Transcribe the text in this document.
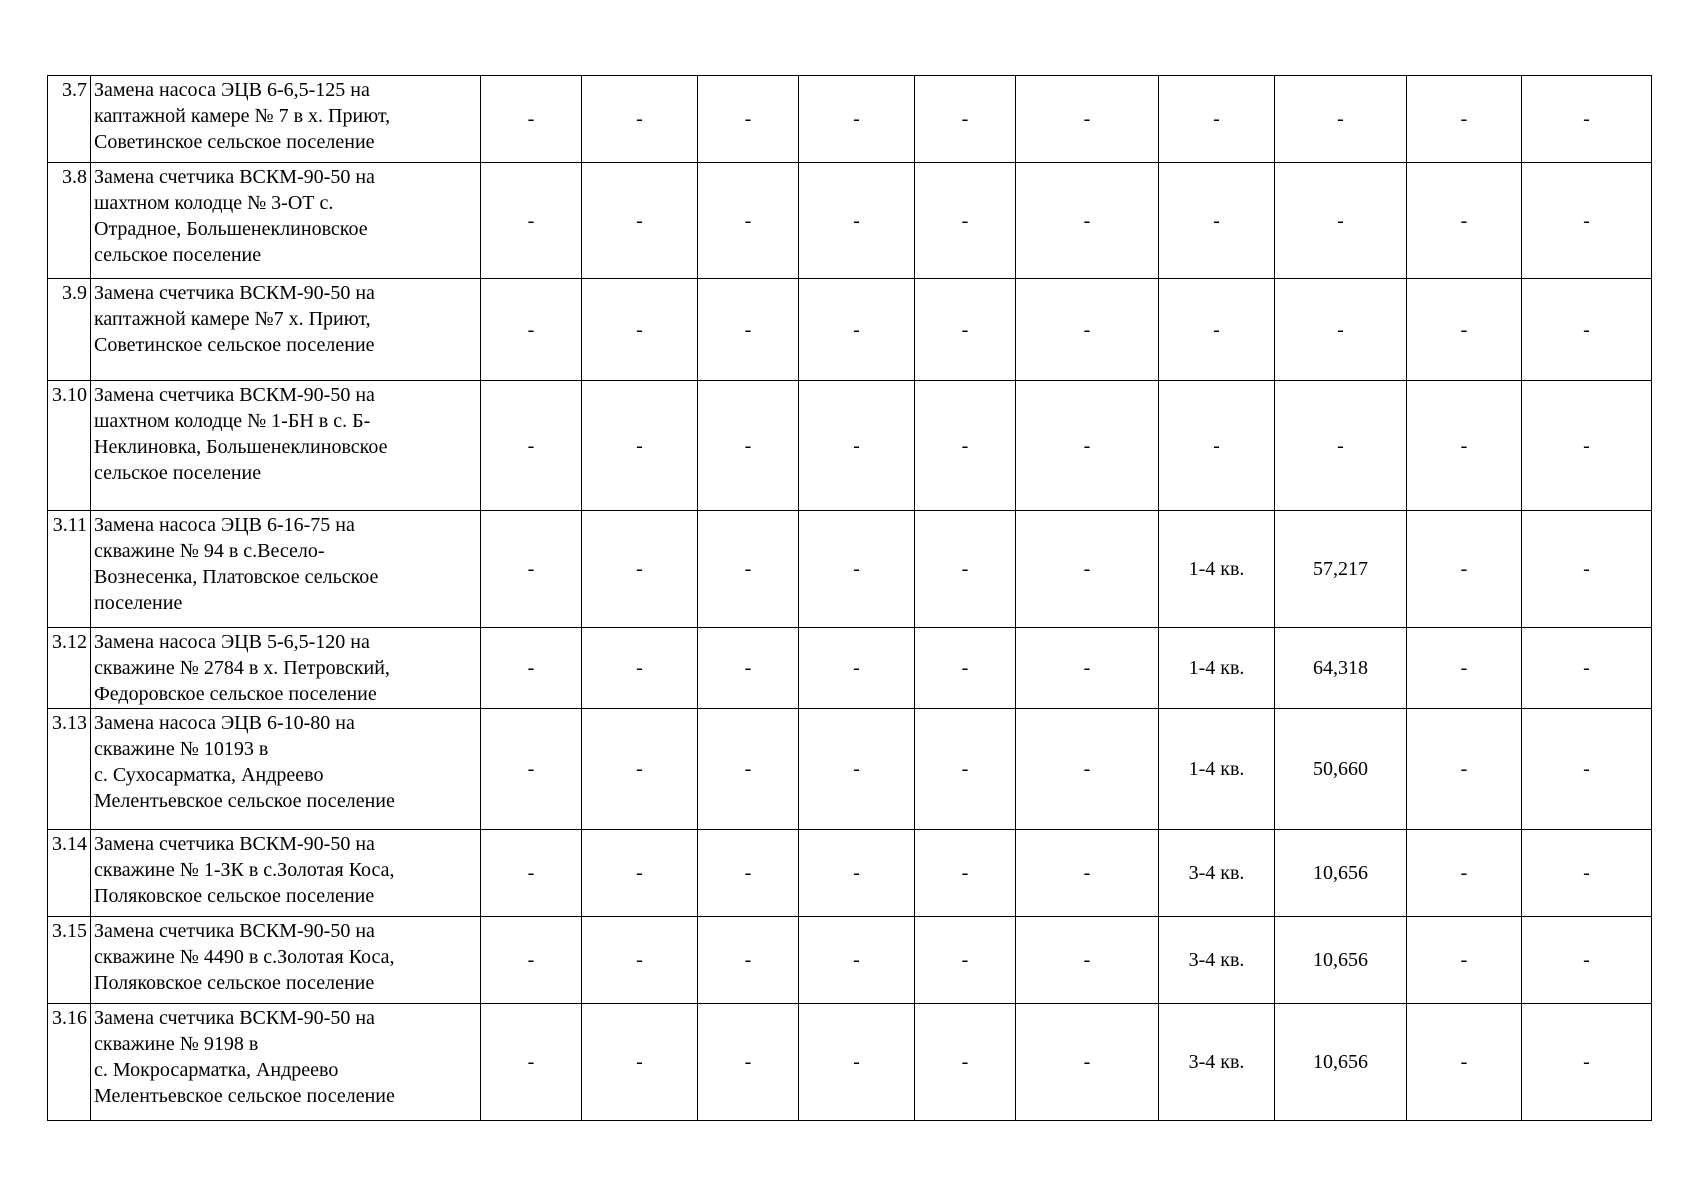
3.7	Замена насоса ЭЦВ 6-6,5-125 на
каптажной камере № 7 в х. Приют,
Советинское сельское поселение	-	-	-	-	-	-	-	-	-	-
3.8	Замена счетчика ВСКМ-90-50 на
шахтном колодце № 3-ОТ с.
Отрадное, Большенеклиновское
сельское поселение	-	-	-	-	-	-	-	-	-	-
3.9	Замена счетчика ВСКМ-90-50 на
каптажной камере №7 х. Приют,
Советинское сельское поселение	-	-	-	-	-	-	-	-	-	-
3.10	Замена счетчика ВСКМ-90-50 на
шахтном колодце № 1-БН в с. Б-
Неклиновка, Большенеклиновское
сельское поселение	-	-	-	-	-	-	-	-	-	-
3.11	Замена насоса ЭЦВ 6-16-75 на
скважине № 94 в с.Весело-
Вознесенка, Платовское сельское
поселение	-	-	-	-	-	-	1-4 кв.	57,217	-	-
3.12	Замена насоса ЭЦВ 5-6,5-120 на
скважине № 2784 в х. Петровский,
Федоровское сельское поселение	-	-	-	-	-	-	1-4 кв.	64,318	-	-
3.13	Замена насоса ЭЦВ 6-10-80 на
скважине № 10193 в
с. Сухосарматка, Андреево
Мелентьевское сельское поселение	-	-	-	-	-	-	1-4 кв.	50,660	-	-
3.14	Замена счетчика ВСКМ-90-50 на
скважине № 1-ЗК в с.Золотая Коса,
Поляковское сельское поселение	-	-	-	-	-	-	3-4 кв.	10,656	-	-
3.15	Замена счетчика ВСКМ-90-50 на
скважине № 4490 в с.Золотая Коса,
Поляковское сельское поселение	-	-	-	-	-	-	3-4 кв.	10,656	-	-
3.16	Замена счетчика ВСКМ-90-50 на
скважине № 9198 в
с. Мокросарматка, Андреево
Мелентьевское сельское поселение	-	-	-	-	-	-	3-4 кв.	10,656	-	-
